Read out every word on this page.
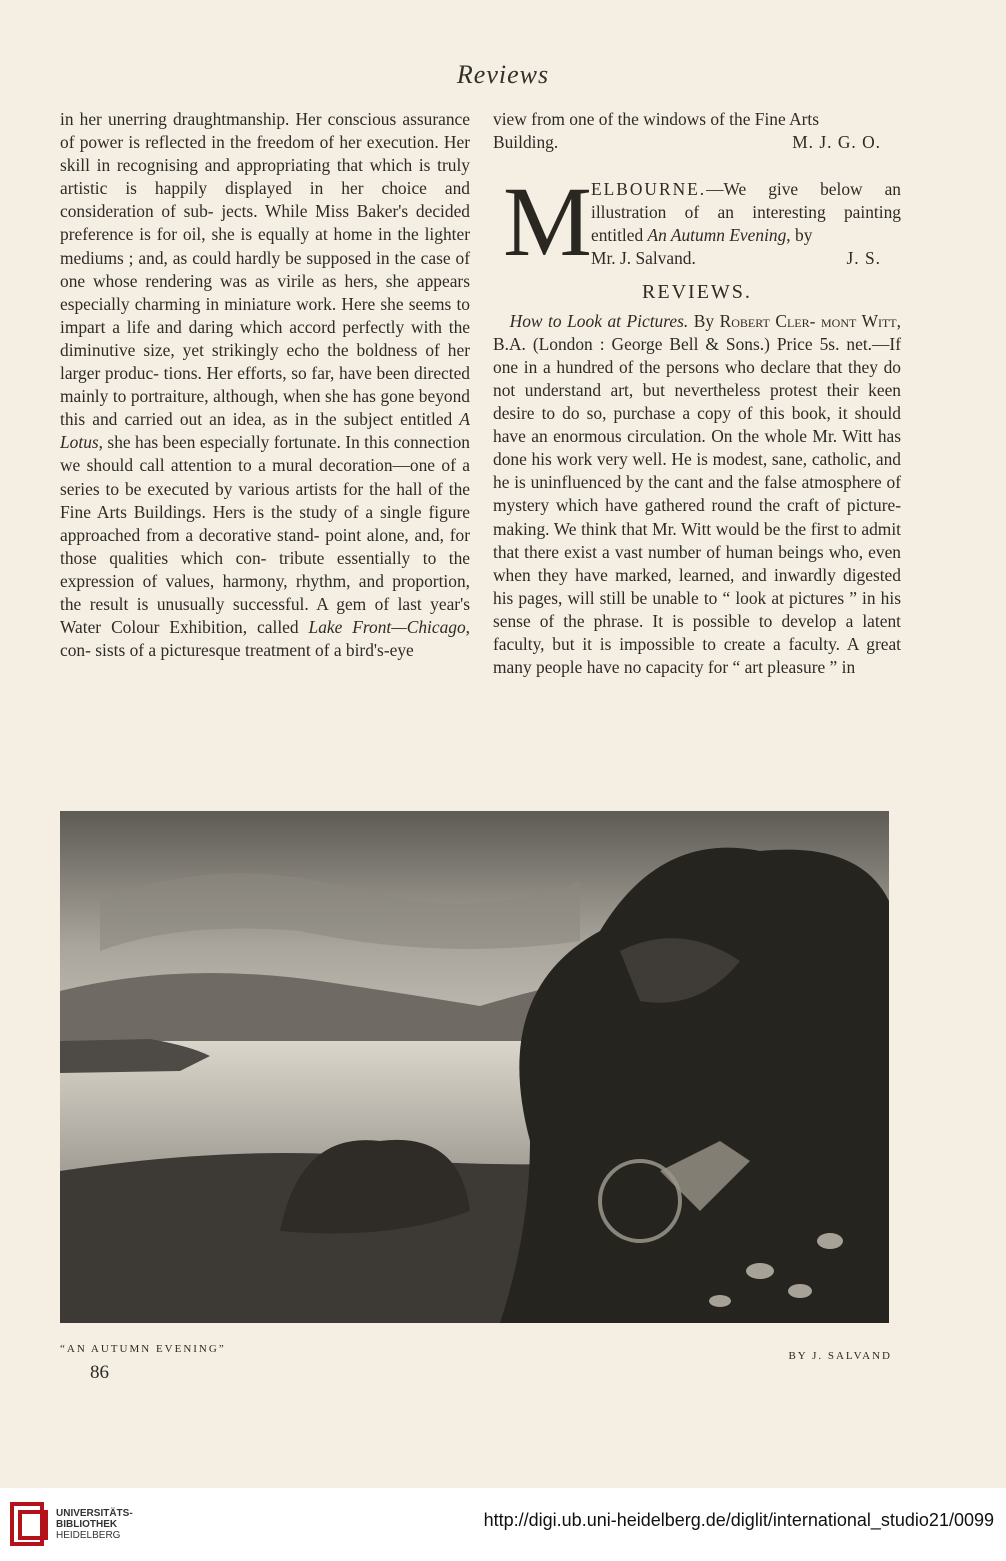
Reviews

in her unerring draughtmanship. Her conscious assurance of power is reflected in the freedom of her execution. Her skill in recognising and appropriating that which is truly artistic is happily displayed in her choice and consideration of sub- jects. While Miss Baker's decided preference is for oil, she is equally at home in the lighter mediums ; and, as could hardly be supposed in the case of one whose rendering was as virile as hers, she appears especially charming in miniature work. Here she seems to impart a life and daring which accord perfectly with the diminutive size, yet strikingly echo the boldness of her larger produc- tions. Her efforts, so far, have been directed mainly to portraiture, although, when she has gone beyond this and carried out an idea, as in the subject entitled A Lotus, she has been especially fortunate. In this connection we should call attention to a mural decoration—one of a series to be executed by various artists for the hall of the Fine Arts Buildings. Hers is the study of a single figure approached from a decorative stand- point alone, and, for those qualities which con- tribute essentially to the expression of values, harmony, rhythm, and proportion, the result is unusually successful. A gem of last year's Water Colour Exhibition, called Lake Front—Chicago, con- sists of a picturesque treatment of a bird's-eye

view from one of the windows of the Fine Arts

Building.	M. J. G. O.
M ELBOURNE.—We give below an illustration of an interesting painting entitled An Autumn Evening, by
Mr. J. Salvand.	J. S.
REVIEWS.

How to Look at Pictures. By Robert Cler- mont Witt, B.A. (London : George Bell & Sons.) Price 5s. net.—If one in a hundred of the persons who declare that they do not understand art, but nevertheless protest their keen desire to do so, purchase a copy of this book, it should have an enormous circulation. On the whole Mr. Witt has done his work very well. He is modest, sane, catholic, and he is uninfluenced by the cant and the false atmosphere of mystery which have gathered round the craft of picture-making. We think that Mr. Witt would be the first to admit that there exist a vast number of human beings who, even when they have marked, learned, and inwardly digested his pages, will still be unable to “ look at pictures ” in his sense of the phrase. It is possible to develop a latent faculty, but it is impossible to create a faculty. A great many people have no capacity for “ art pleasure ” in

“AN AUTUMN EVENING”
BY J. SALVAND
86
UNIVERSITÄTS-
BIBLIOTHEK
HEIDELBERG
http://digi.ub.uni-heidelberg.de/diglit/international_studio21/0099
